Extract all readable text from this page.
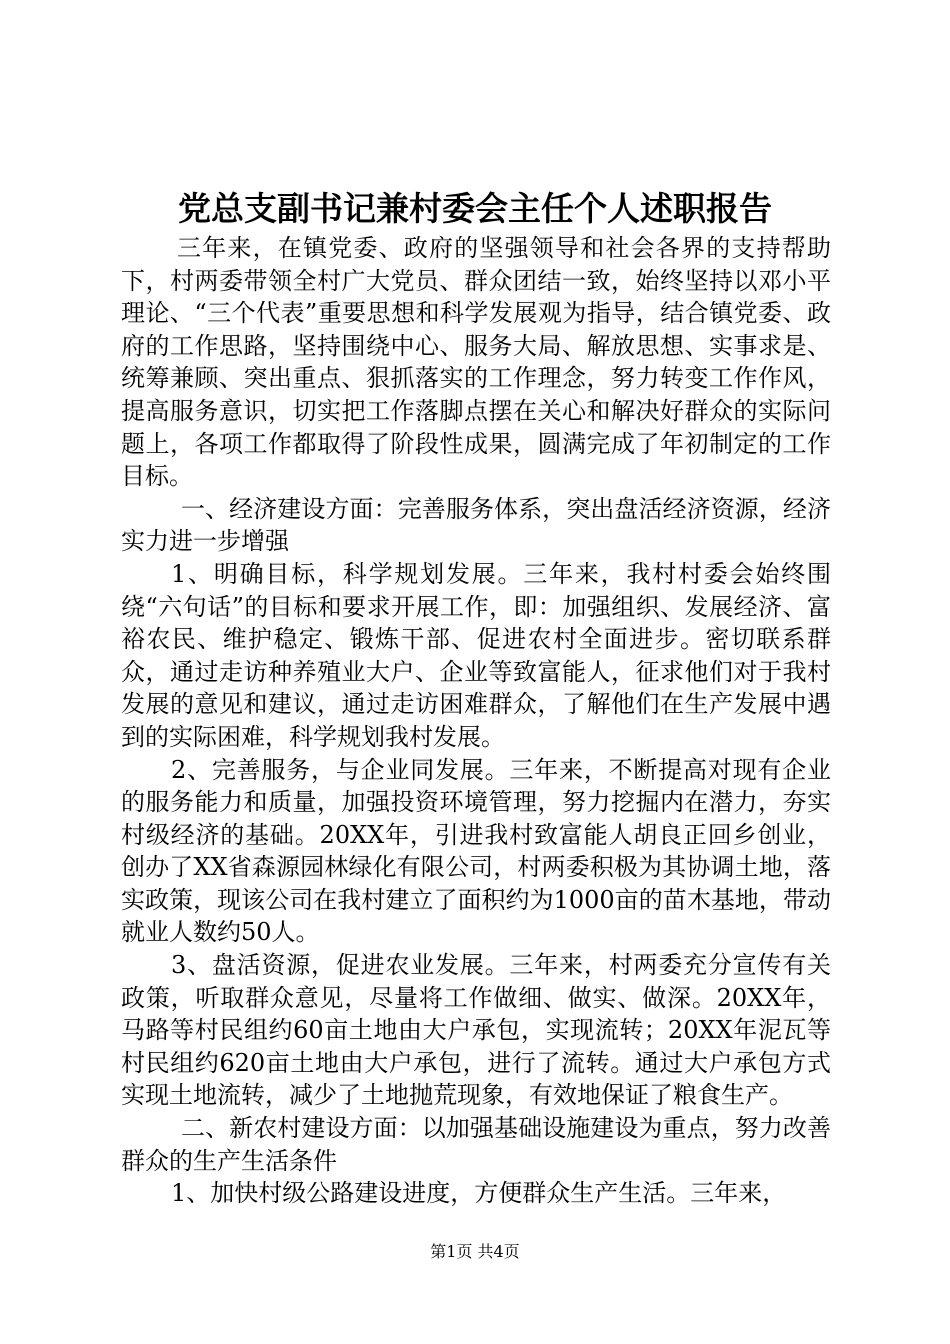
党总支副书记兼村委会主任个人述职报告

三年来，在镇党委、政府的坚强领导和社会各界的支持帮助下，村两委带领全村广大党员、群众团结一致，始终坚持以邓小平理论、“三个代表”重要思想和科学发展观为指导，结合镇党委、政府的工作思路，坚持围绕中心、服务大局、解放思想、实事求是、统筹兼顾、突出重点、狠抓落实的工作理念，努力转变工作作风，提高服务意识，切实把工作落脚点摆在关心和解决好群众的实际问题上，各项工作都取得了阶段性成果，圆满完成了年初制定的工作目标。

一、经济建设方面：完善服务体系，突出盘活经济资源，经济实力进一步增强

1、明确目标，科学规划发展。三年来，我村村委会始终围绕“六句话”的目标和要求开展工作，即：加强组织、发展经济、富裕农民、维护稳定、锻炼干部、促进农村全面进步。密切联系群众，通过走访种养殖业大户、企业等致富能人，征求他们对于我村发展的意见和建议，通过走访困难群众，了解他们在生产发展中遇到的实际困难，科学规划我村发展。

2、完善服务，与企业同发展。三年来，不断提高对现有企业的服务能力和质量，加强投资环境管理，努力挖掘内在潜力，夯实村级经济的基础。20XX年，引进我村致富能人胡良正回乡创业，创办了XX省森源园林绿化有限公司，村两委积极为其协调土地，落实政策，现该公司在我村建立了面积约为1000亩的苗木基地，带动就业人数约50人。

3、盘活资源，促进农业发展。三年来，村两委充分宣传有关政策，听取群众意见，尽量将工作做细、做实、做深。20XX年，马路等村民组约60亩土地由大户承包，实现流转；20XX年泥瓦等村民组约620亩土地由大户承包，进行了流转。通过大户承包方式实现土地流转，减少了土地抛荒现象，有效地保证了粮食生产。

二、新农村建设方面：以加强基础设施建设为重点，努力改善群众的生产生活条件

1、加快村级公路建设进度，方便群众生产生活。三年来，

第1页 共4页
